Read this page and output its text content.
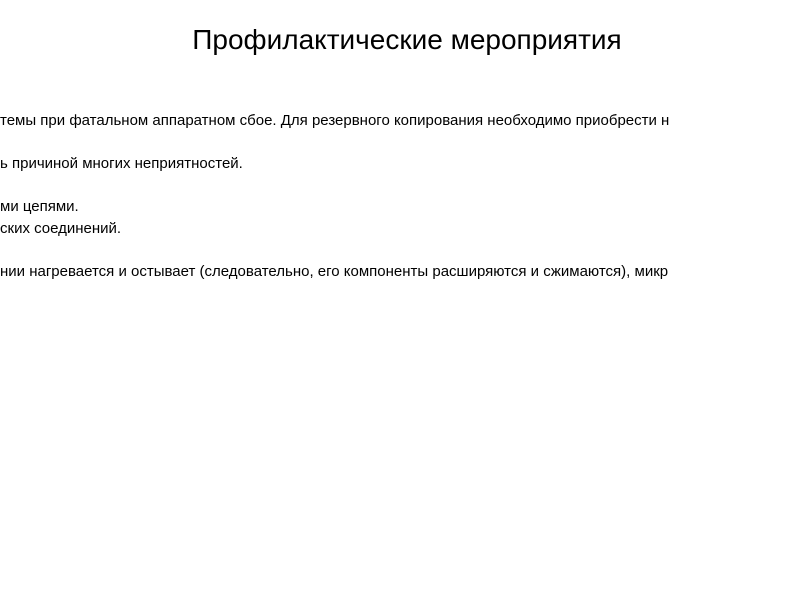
Профилактические мероприятия
темы при фатальном аппаратном сбое. Для резервного копирования необходимо приобрести н
ь причиной многих неприятностей.
ми цепями.
ских соединений.
нии нагревается и остывает (следовательно, его компоненты расширяются и сжимаются), микр
